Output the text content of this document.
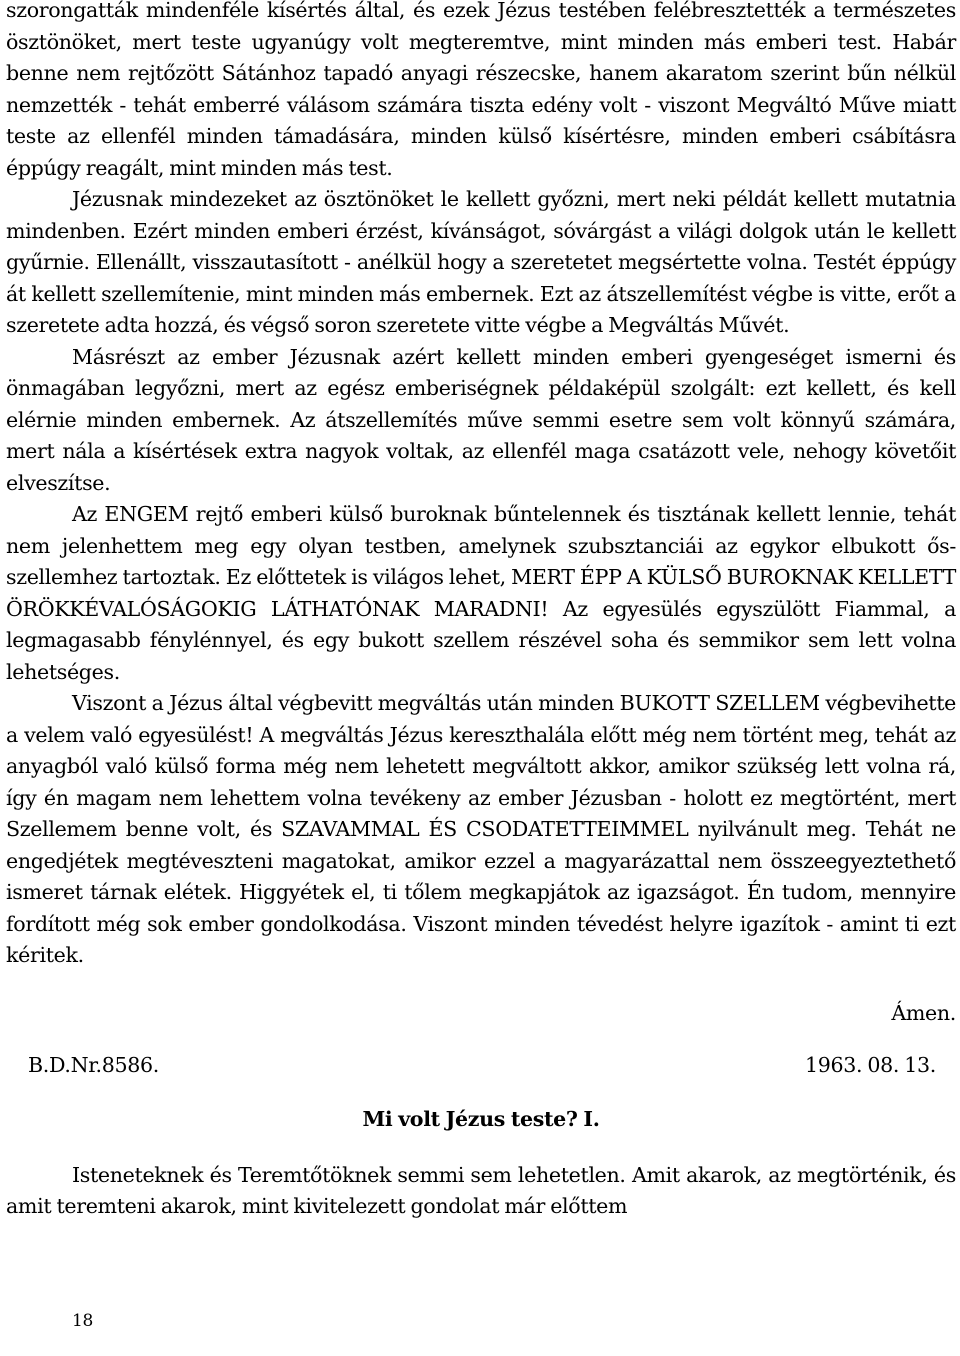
szorongatták mindenféle kísértés által, és ezek Jézus testében felébresztették a természetes ösztönöket, mert teste ugyanúgy volt megteremtve, mint minden más emberi test. Habár benne nem rejtőzött Sátánhoz tapadó anyagi részecske, hanem akaratom szerint bűn nélkül nemzették - tehát emberré válásom számára tiszta edény volt - viszont Megváltó Műve miatt teste az ellenfél minden támadására, minden külső kísértésre, minden emberi csábításra éppúgy reagált, mint minden más test.

Jézusnak mindezeket az ösztönöket le kellett győzni, mert neki példát kellett mutatnia mindenben. Ezért minden emberi érzést, kívánságot, sóvárgást a világi dolgok után le kellett gyűrnie. Ellenállt, visszautasított - anélkül hogy a szeretetet megsértette volna. Testét éppúgy át kellett szellemítenie, mint minden más embernek. Ezt az átszellemítést végbe is vitte, erőt a szeretete adta hozzá, és végső soron szeretete vitte végbe a Megváltás Művét.

Másrészt az ember Jézusnak azért kellett minden emberi gyengeséget ismerni és önmagában legyőzni, mert az egész emberiségnek példaképül szolgált: ezt kellett, és kell elérnie minden embernek. Az átszellemítés műve semmi esetre sem volt könnyű számára, mert nála a kísértések extra nagyok voltak, az ellenfél maga csatázott vele, nehogy követőit elveszítse.

Az ENGEM rejtő emberi külső buroknak bűntelennek és tisztának kellett lennie, tehát nem jelenhettem meg egy olyan testben, amelynek szubsztanciái az egykor elbukott ős-szellemhez tartoztak. Ez előttetek is világos lehet, MERT ÉPP A KÜLSŐ BUROKNAK KELLETT ÖRÖKKÉVALÓSÁGOKIG LÁTHATÓNAK MARADNI! Az egyesülés egyszülött Fiammal, a legmagasabb fénylénnyel, és egy bukott szellem részével soha és semmikor sem lett volna lehetséges.

Viszont a Jézus által végbevitt megváltás után minden BUKOTT SZELLEM végbevihette a velem való egyesülést! A megváltás Jézus kereszthalála előtt még nem történt meg, tehát az anyagból való külső forma még nem lehetett megváltott akkor, amikor szükség lett volna rá, így én magam nem lehettem volna tevékeny az ember Jézusban - holott ez megtörtént, mert Szellemem benne volt, és SZAVAMMAL ÉS CSODATETTEIMMEL nyilvánult meg. Tehát ne engedjétek megtéveszteni magatokat, amikor ezzel a magyarázattal nem összeegyeztethető ismeret tárnak elétek. Higgyétek el, ti tőlem megkapjátok az igazságot. Én tudom, mennyire fordított még sok ember gondolkodása. Viszont minden tévedést helyre igazítok - amint ti ezt kéritek.

Ámen.

B.D.Nr.8586.	1963. 08. 13.

Mi volt Jézus teste? I.

Isteneteknek és Teremtőtöknek semmi sem lehetetlen. Amit akarok, az megtörténik, és amit teremteni akarok, mint kivitelezett gondolat már előttem

18
